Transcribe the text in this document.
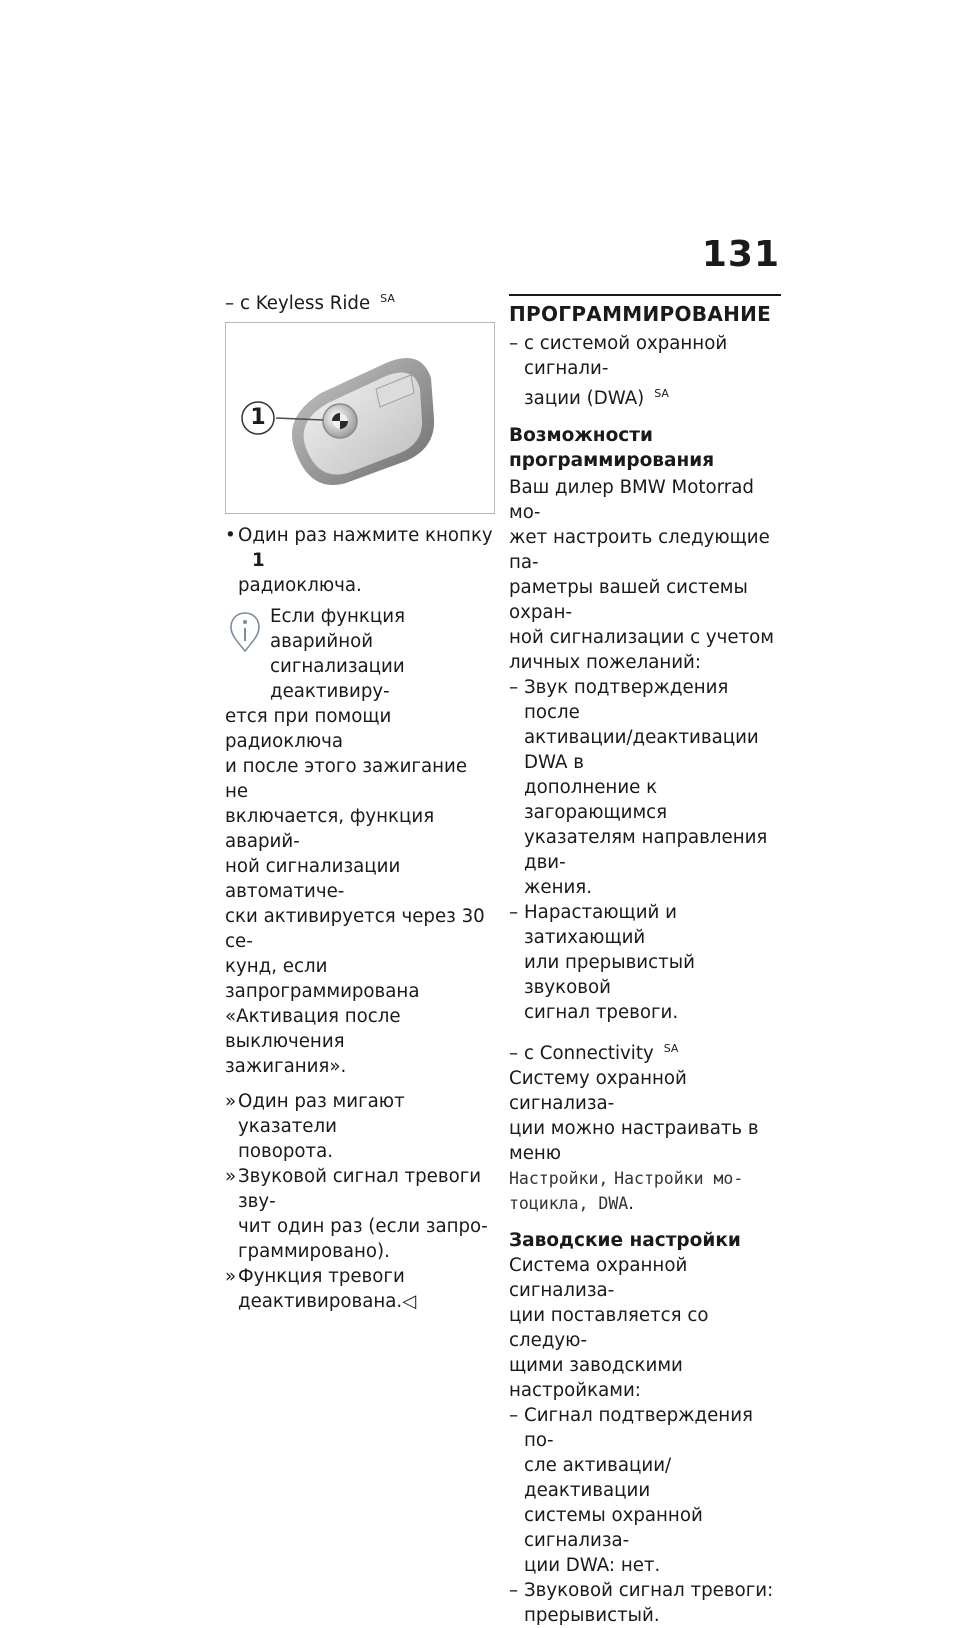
131
– с Keyless Ride $^{SA}$
1
• Один раз нажмите кнопку1
радиоключа.
Если функция аварийной
сигнализации деактивиру-
ется при помощи радиоключа
и после этого зажигание не
включается, функция аварий-
ной сигнализации автоматиче-
ски активируется через 30 се-
кунд, если запрограммирована
«Активация после выключения
зажигания».
» Один раз мигают указатели
поворота.
» Звуковой сигнал тревоги зву-
чит один раз (если запро-
граммировано).
» Функция тревоги
деактивирована.◁
ПРОГРАММИРОВАНИЕ
– с системой охранной сигнали-
зации (DWA) $^{SA}$
Возможности
программирования
Ваш дилер BMW Motorrad мо-
жет настроить следующие па-
раметры вашей системы охран-
ной сигнализации с учетом
личных пожеланий:
– Звук подтверждения после
активации/деактивации DWA в
дополнение к загорающимся
указателям направления дви-
жения.
– Нарастающий и затихающий
или прерывистый звуковой
сигнал тревоги.
– с Connectivity $^{SA}$
Систему охранной сигнализа-
ции можно настраивать в меню
Настройки, Настройки мо-
тоцикла, DWA.
Заводские настройки
Система охранной сигнализа-
ции поставляется со следую-
щими заводскими настройками:
– Сигнал подтверждения по-
сле активации/деактивации
системы охранной сигнализа-
ции DWA: нет.
– Звуковой сигнал тревоги:
прерывистый.
